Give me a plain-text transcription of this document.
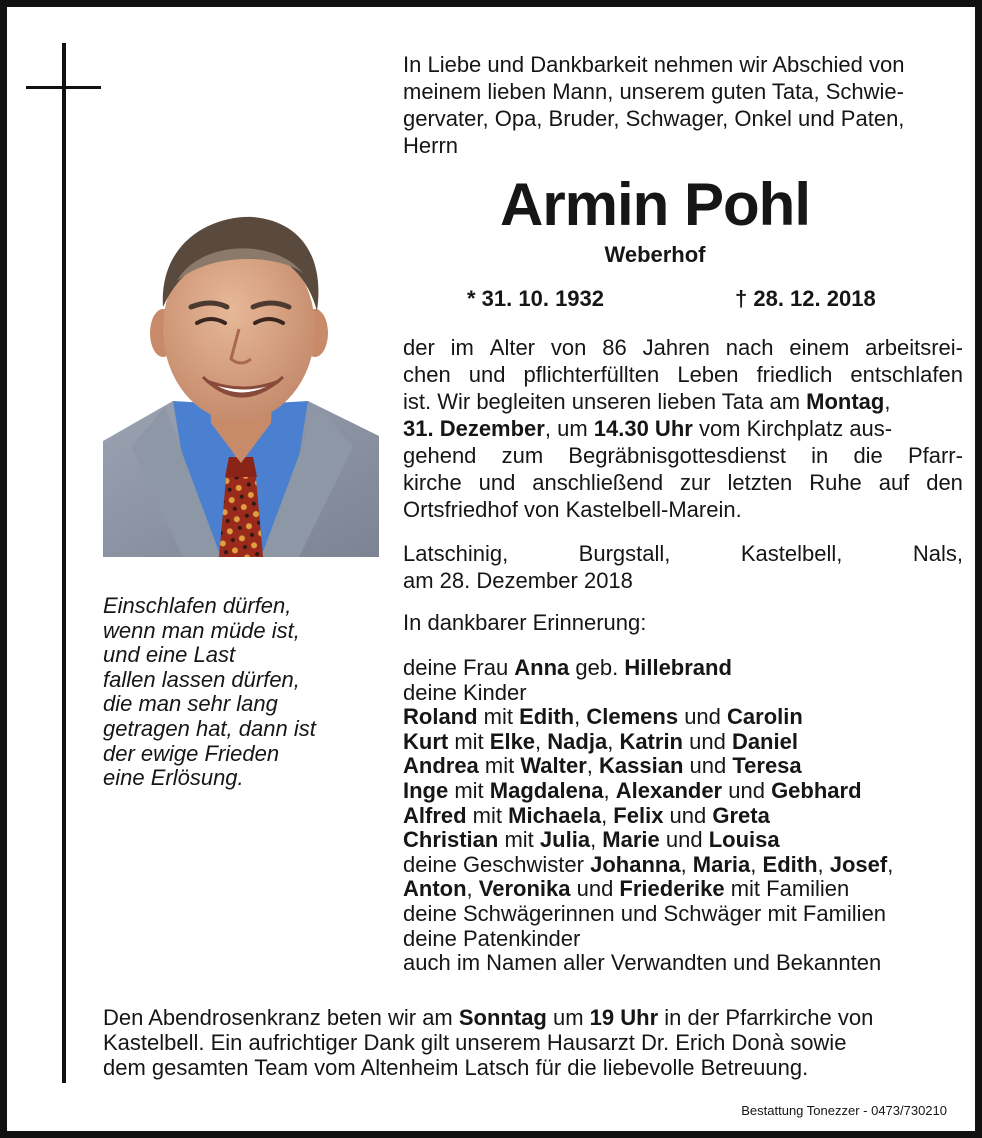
In Liebe und Dankbarkeit nehmen wir Abschied von

meinem lieben Mann, unserem guten Tata, Schwie-

gervater, Opa, Bruder, Schwager, Onkel und Paten,

Herrn

Armin Pohl
Weberhof
* 31. 10. 1932	† 28. 12. 2018

der im Alter von 86 Jahren nach einem arbeitsrei-

chen und pflichterfüllten Leben friedlich entschlafen

ist. Wir begleiten unseren lieben Tata am Montag,

31. Dezember, um 14.30 Uhr vom Kirchplatz aus-

gehend zum Begräbnisgottesdienst in die Pfarr-

kirche und anschließend zur letzten Ruhe auf den

Ortsfriedhof von Kastelbell-Marein.

Latschinig,	Burgstall,	Kastelbell,	Nals,

am 28. Dezember 2018

In dankbarer Erinnerung:

deine Frau Anna geb. Hillebrand

deine Kinder

Roland mit Edith, Clemens und Carolin

Kurt mit Elke, Nadja, Katrin und Daniel

Andrea mit Walter, Kassian und Teresa

Inge mit Magdalena, Alexander und Gebhard

Alfred mit Michaela, Felix und Greta

Christian mit Julia, Marie und Louisa

deine Geschwister Johanna, Maria, Edith, Josef,

Anton, Veronika und Friederike mit Familien

deine Schwägerinnen und Schwäger mit Familien

deine Patenkinder

auch im Namen aller Verwandten und Bekannten

Einschlafen dürfen,

wenn man müde ist,

und eine Last

fallen lassen dürfen,

die man sehr lang

getragen hat, dann ist

der ewige Frieden

eine Erlösung.

Den Abendrosenkranz beten wir am Sonntag um 19 Uhr in der Pfarrkirche von

Kastelbell. Ein aufrichtiger Dank gilt unserem Hausarzt Dr. Erich Donà sowie

dem gesamten Team vom Altenheim Latsch für die liebevolle Betreuung.

Bestattung Tonezzer - 0473/730210
